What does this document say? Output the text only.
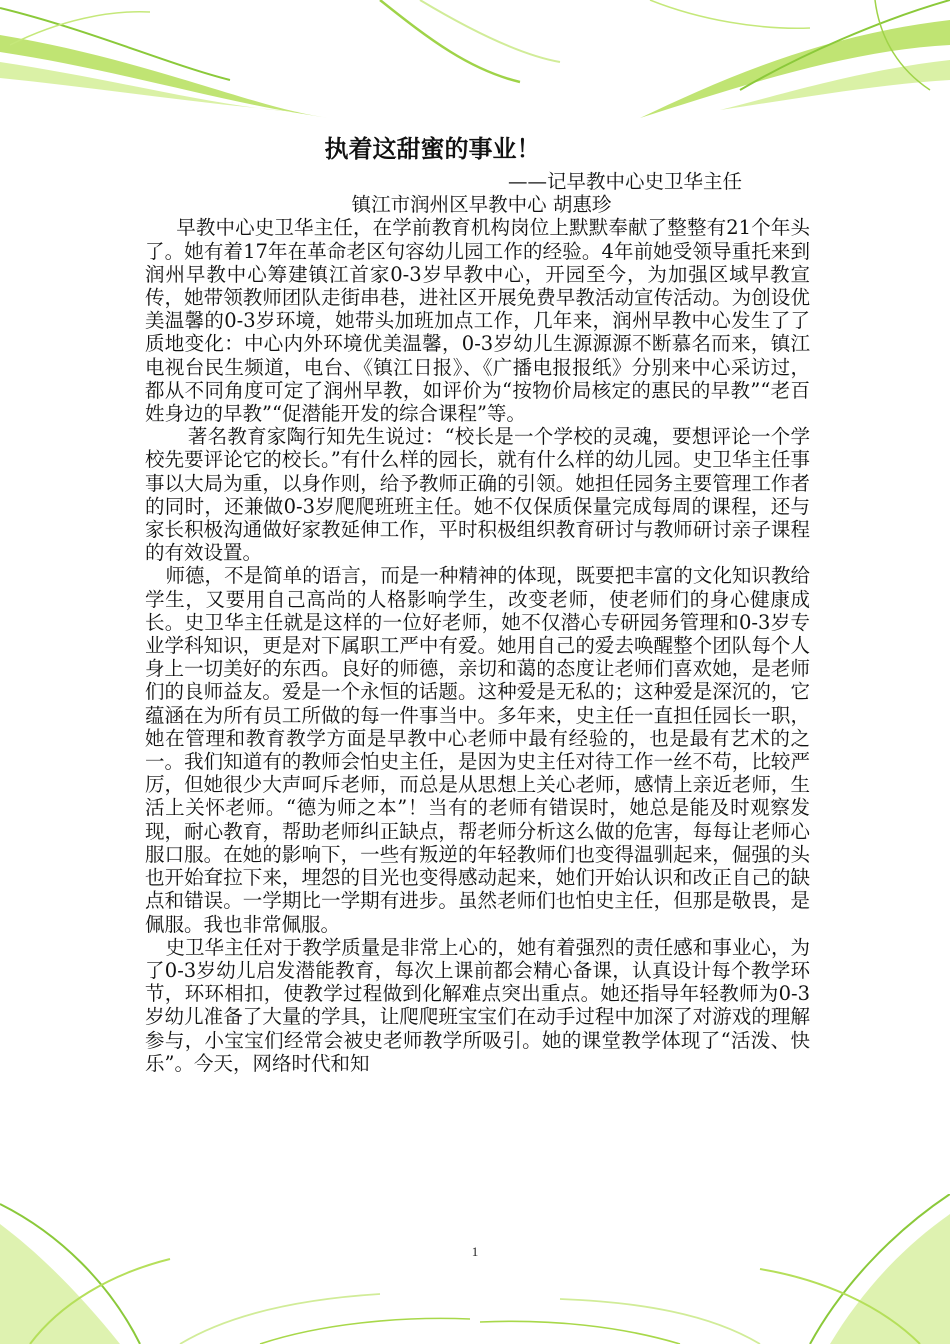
执着这甜蜜的事业！

——记早教中心史卫华主任

镇江市润州区早教中心 胡惠珍

早教中心史卫华主任，在学前教育机构岗位上默默奉献了整整有21个年头了。她有着17年在革命老区句容幼儿园工作的经验。4年前她受领导重托来到润州早教中心筹建镇江首家0-3岁早教中心，开园至今，为加强区域早教宣传，她带领教师团队走街串巷，进社区开展免费早教活动宣传活动。为创设优美温馨的0-3岁环境，她带头加班加点工作，几年来，润州早教中心发生了了质地变化：中心内外环境优美温馨，0-3岁幼儿生源源源不断慕名而来，镇江电视台民生频道，电台、《镇江日报》、《广播电报报纸》分别来中心采访过，都从不同角度可定了润州早教，如评价为“按物价局核定的惠民的早教”“老百姓身边的早教”“促潜能开发的综合课程”等。

著名教育家陶行知先生说过：“校长是一个学校的灵魂，要想评论一个学校先要评论它的校长。”有什么样的园长，就有什么样的幼儿园。史卫华主任事事以大局为重，以身作则，给予教师正确的引领。她担任园务主要管理工作者的同时，还兼做0-3岁爬爬班班主任。她不仅保质保量完成每周的课程，还与家长积极沟通做好家教延伸工作，平时积极组织教育研讨与教师研讨亲子课程的有效设置。

师德，不是简单的语言，而是一种精神的体现，既要把丰富的文化知识教给学生，又要用自己高尚的人格影响学生，改变老师，使老师们的身心健康成长。史卫华主任就是这样的一位好老师，她不仅潜心专研园务管理和0-3岁专业学科知识，更是对下属职工严中有爱。她用自己的爱去唤醒整个团队每个人身上一切美好的东西。良好的师德，亲切和蔼的态度让老师们喜欢她，是老师们的良师益友。爱是一个永恒的话题。这种爱是无私的；这种爱是深沉的，它蕴涵在为所有员工所做的每一件事当中。多年来，史主任一直担任园长一职，她在管理和教育教学方面是早教中心老师中最有经验的，也是最有艺术的之一。我们知道有的教师会怕史主任，是因为史主任对待工作一丝不苟，比较严厉，但她很少大声呵斥老师，而总是从思想上关心老师，感情上亲近老师，生活上关怀老师。“德为师之本”！当有的老师有错误时，她总是能及时观察发现，耐心教育，帮助老师纠正缺点，帮老师分析这么做的危害，每每让老师心服口服。在她的影响下，一些有叛逆的年轻教师们也变得温驯起来，倔强的头也开始耷拉下来，埋怨的目光也变得感动起来，她们开始认识和改正自己的缺点和错误。一学期比一学期有进步。虽然老师们也怕史主任，但那是敬畏，是佩服。我也非常佩服。

史卫华主任对于教学质量是非常上心的，她有着强烈的责任感和事业心，为了0-3岁幼儿启发潜能教育，每次上课前都会精心备课，认真设计每个教学环节，环环相扣，使教学过程做到化解难点突出重点。她还指导年轻教师为0-3岁幼儿准备了大量的学具，让爬爬班宝宝们在动手过程中加深了对游戏的理解参与，小宝宝们经常会被史老师教学所吸引。她的课堂教学体现了“活泼、快乐”。今天，网络时代和知

1
